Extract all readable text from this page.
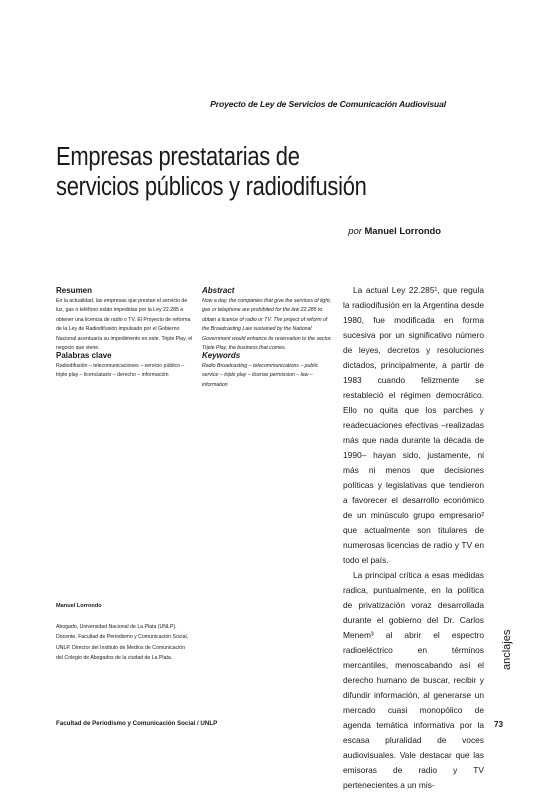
Proyecto de Ley de Servicios de Comunicación Audiovisual
Empresas prestatarias de servicios públicos y radiodifusión
por Manuel Lorrondo
Resumen

En la actualidad, las empresas que prestan el servicio de luz, gas o teléfono están impedidas por la Ley 22.285 a obtener una licencia de radio o TV. El Proyecto de reforma de la Ley de Radiodifusión impulsado por el Gobierno Nacional acentuaría su impedimento en este. Triple Play, el negocio que viene.

Palabras clave

Radiodifusión – telecomunicaciones – servicio público – triple play – licenciatario – derecho – información

Abstract

Now a day, the companies that give the services of light, gas or telephone are prohibited for the law 22.285 to obtain a licence of radio or TV. The project of reform of the Broadcasting Law sustained by the National Government would enhance its reservation to the sector. Triple Play, the business that comes.

Keywords

Radio Broadcasting – telecommunications – public service – triple play – license permission – law – information

Manuel Lorrondo

Abogado, Universidad Nacional de La Plata (UNLP). Docente, Facultad de Periodismo y Comunicación Social, UNLP. Director del Instituto de Medios de Comunicación del Colegio de Abogados de la ciudad de La Plata.

La actual Ley 22.285¹, que regula la radiodifusión en la Argentina desde 1980, fue modificada en forma sucesiva por un significativo número de leyes, decretos y resoluciones dictados, principalmente, a partir de 1983 cuando felizmente se restableció el régimen democrático. Ello no quita que los parches y readecuaciones efectivas –realizadas más que nada durante la década de 1990– hayan sido, justamente, ni más ni menos que decisiones políticas y legislativas que tendieron a favorecer el desarrollo económico de un minúsculo grupo empresario² que actualmente son titulares de numerosas licencias de radio y TV en todo el país.

La principal crítica a esas medidas radica, puntualmente, en la política de privatización voraz desarrollada durante el gobierno del Dr. Carlos Menem³ al abrir el espectro radioeléctrico en términos mercantiles, menoscabando así el derecho humano de buscar, recibir y difundir información, al generarse un mercado cuasi monopólico de agenda temática informativa por la escasa pluralidad de voces audiovisuales. Vale destacar que las emisoras de radio y TV pertenecientes a un mis-

anclajes
Facultad de Periodismo y Comunicación Social / UNLP	73
